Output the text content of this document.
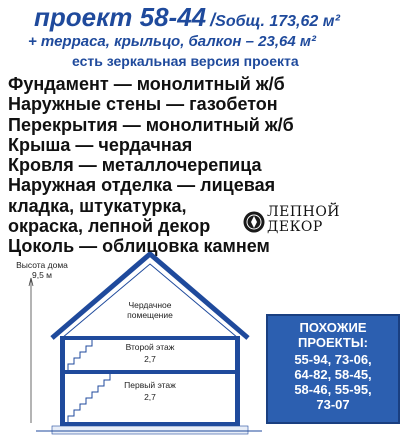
проект 58-44 /Sобщ. 173,62 м²
+ терраса, крыльцо, балкон – 23,64 м²
есть зеркальная версия проекта
Фундамент — монолитный ж/б
Наружные стены — газобетон
Перекрытия — монолитный ж/б
Крыша — чердачная
Кровля — металлочерепица
Наружная отделка — лицевая
кладка, штукатурка,
окраска, лепной декор
Цоколь — облицовка камнем
ЛЕПНОЙ
ДЕКОР
Высота дома
9,5 м
Чердачное
помещение
Второй этаж
2,7
Первый этаж
2,7
ПОХОЖИЕ ПРОЕКТЫ:
55-94, 73-06,
64-82, 58-45,
58-46, 55-95,
73-07
